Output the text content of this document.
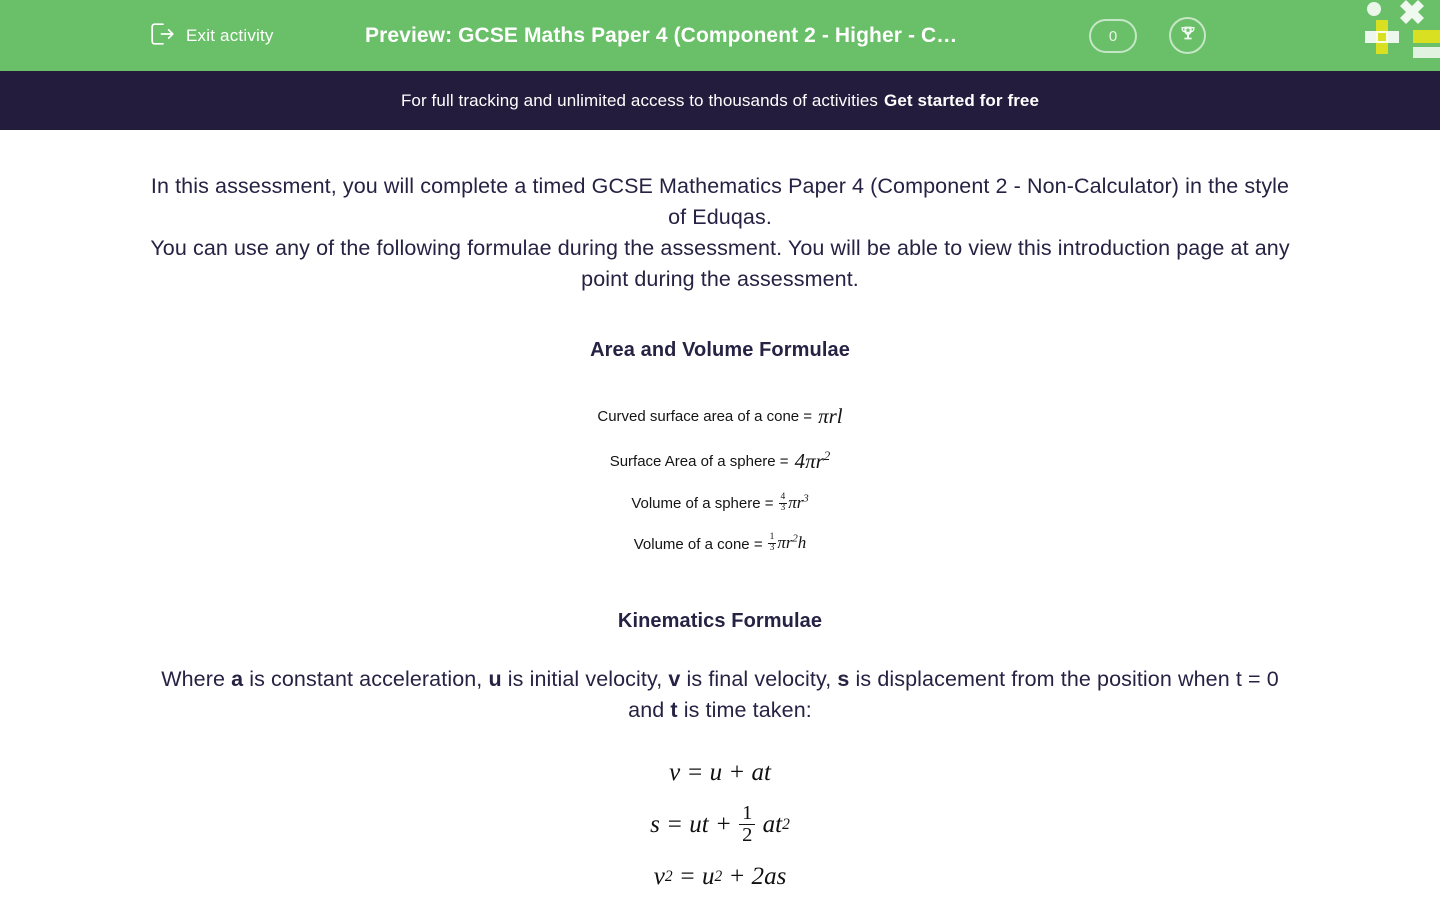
Exit activity	Preview: GCSE Maths Paper 4 (Component 2 - Higher - C…	0
For full tracking and unlimited access to thousands of activities Get started for free

In this assessment, you will complete a timed GCSE Mathematics Paper 4 (Component 2 - Non-Calculator) in the style of Eduqas.

You can use any of the following formulae during the assessment. You will be able to view this introduction page at any point during the assessment.

Area and Volume Formulae
Curved surface area of a cone = πrl
Surface Area of a sphere = $4\pi r^2$
Volume of a sphere = $\frac{4}{3} \pi r^3$
Volume of a cone = $\frac{1}{3} \pi r^2h$
Kinematics Formulae
Where a is constant acceleration, u is initial velocity, v is final velocity, s is displacement from the position when t = 0 and t is time taken:
v = u + at
s = ut + $\frac{1}{2}$
at 2
v 2 = u 2 + 2 as
